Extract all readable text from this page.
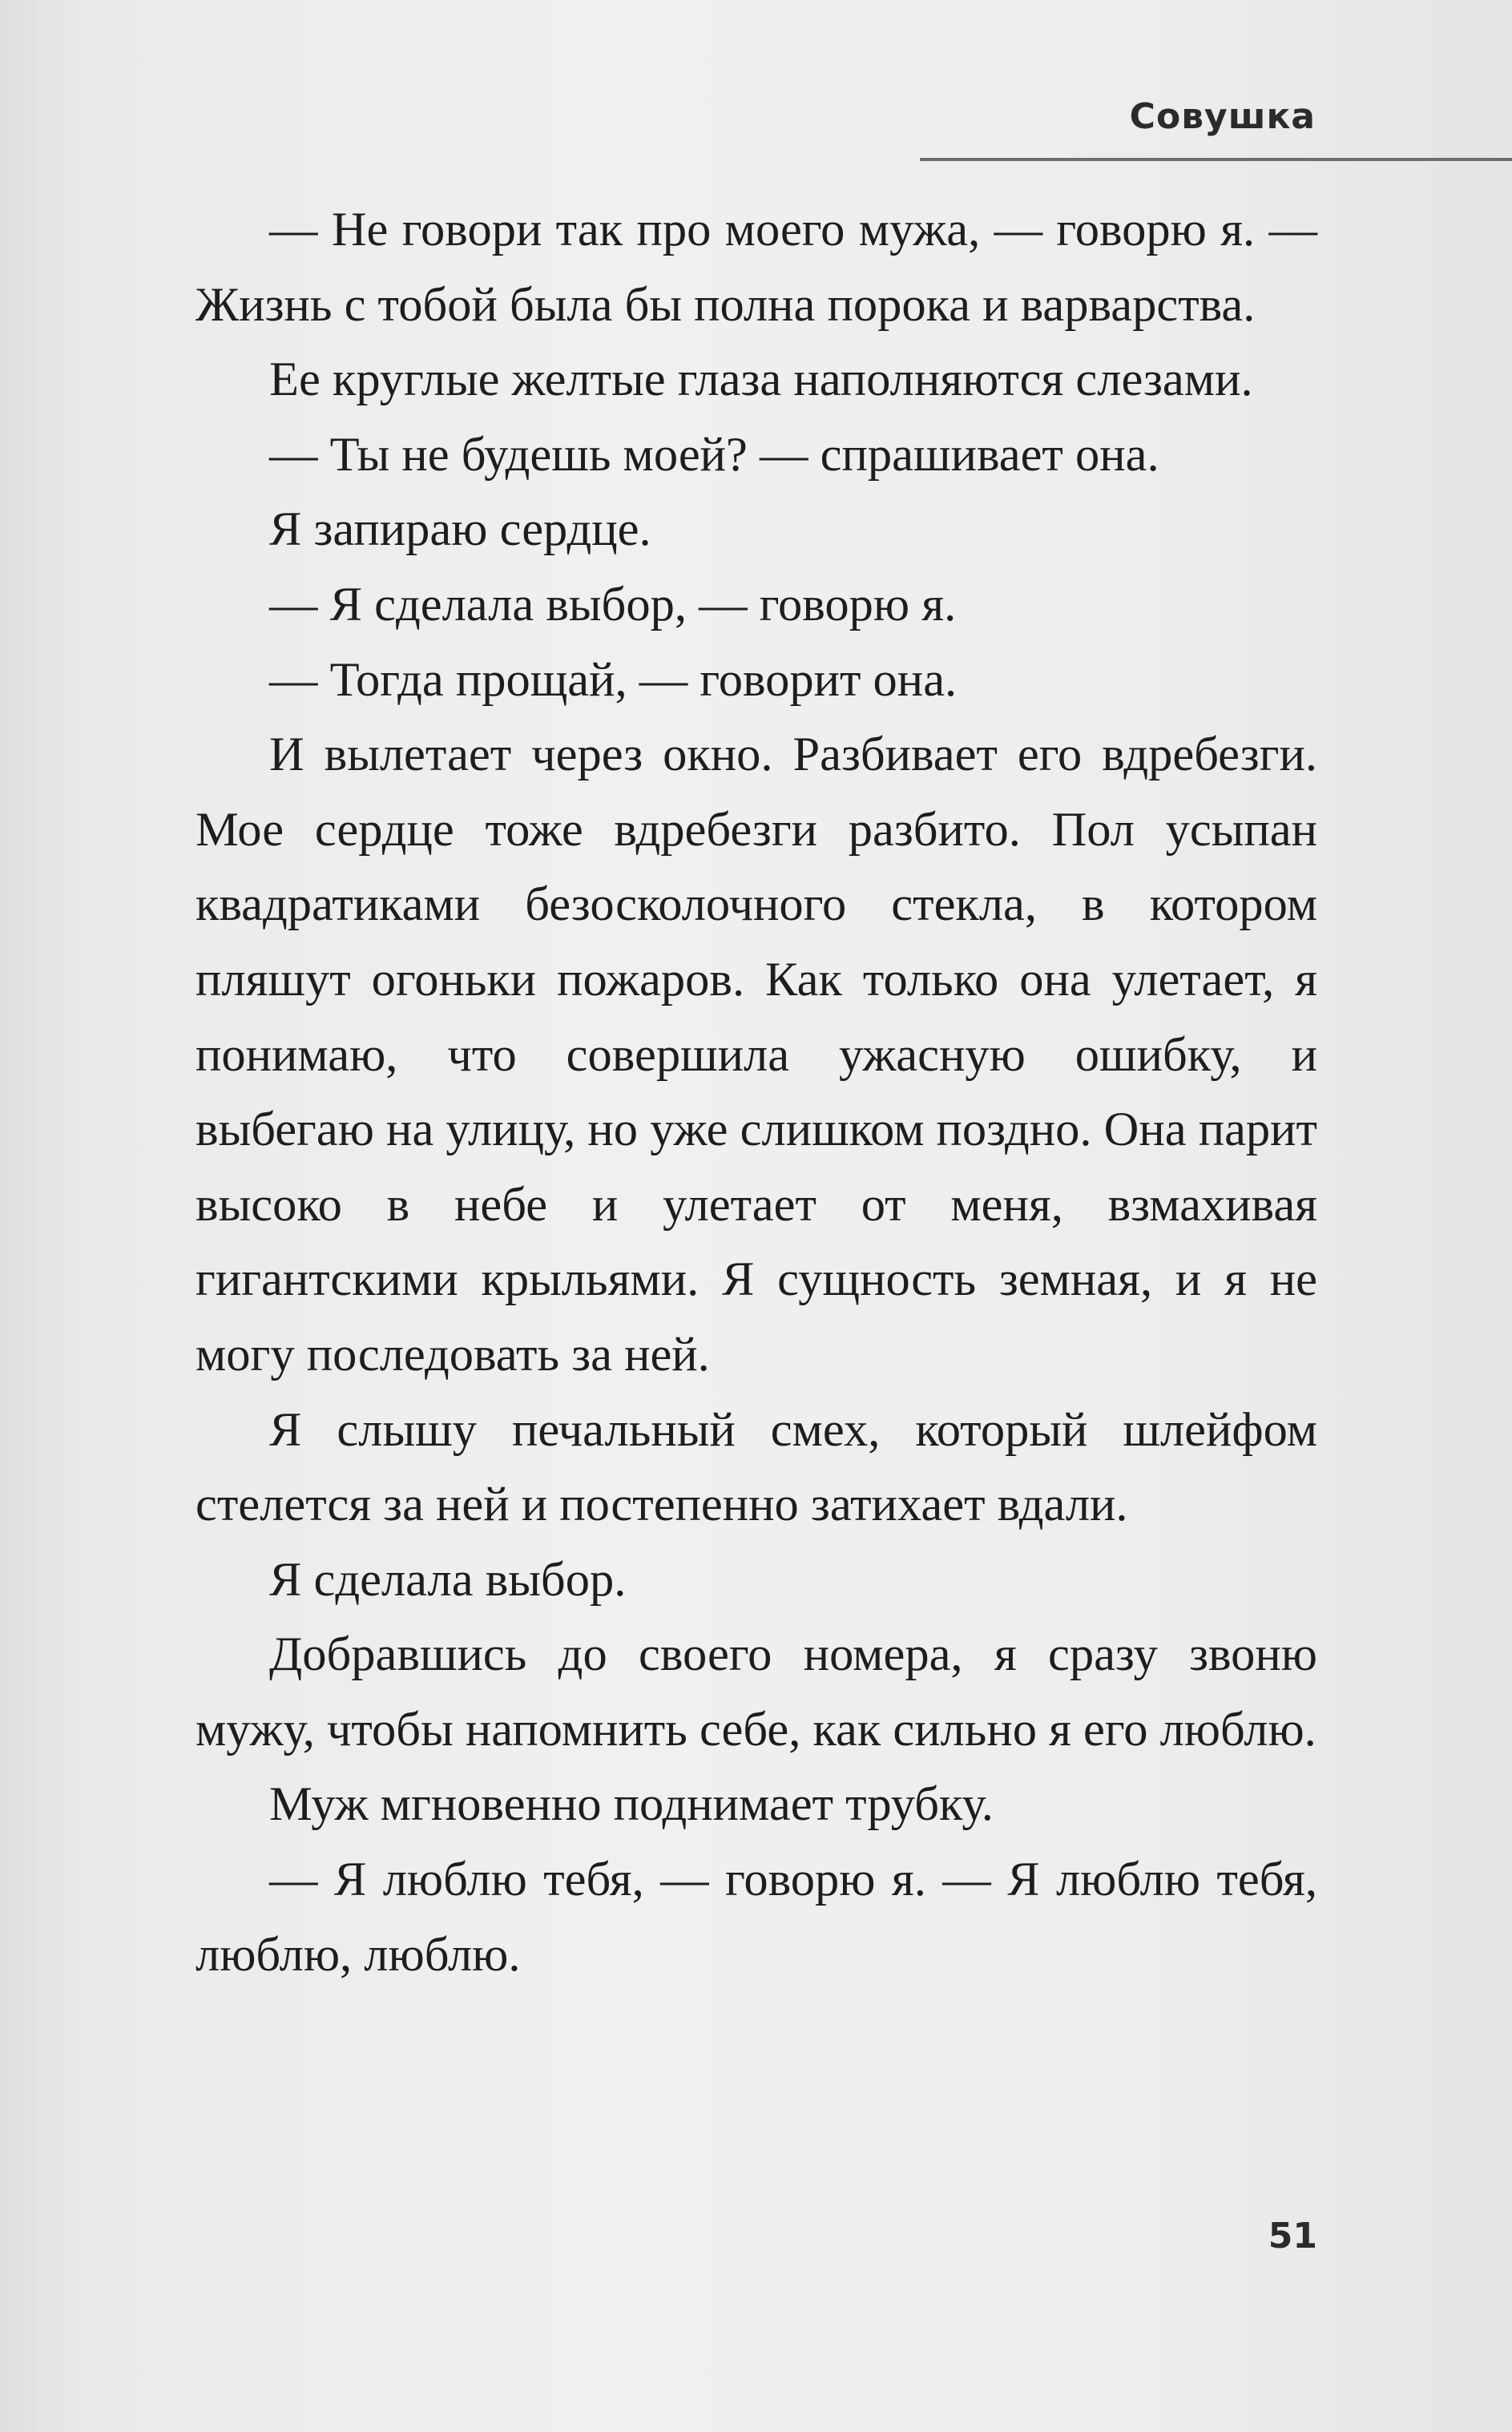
Совушка

— Не говори так про моего мужа, — говорю я. — Жизнь с тобой была бы полна порока и варварства.

Ее круглые желтые глаза наполняются слезами.

— Ты не будешь моей? — спрашивает она.

Я запираю сердце.

— Я сделала выбор, — говорю я.

— Тогда прощай, — говорит она.

И вылетает через окно. Разбивает его вдребезги. Мое сердце тоже вдребезги разбито. Пол усыпан квадратиками безосколочного стекла, в котором пляшут огоньки пожаров. Как только она улетает, я понимаю, что совершила ужасную ошибку, и выбегаю на улицу, но уже слишком поздно. Она парит высоко в небе и улетает от меня, взмахивая гигантскими крыльями. Я сущность земная, и я не могу последовать за ней.

Я слышу печальный смех, который шлейфом стелется за ней и постепенно затихает вдали.

Я сделала выбор.

Добравшись до своего номера, я сразу звоню мужу, чтобы напомнить себе, как сильно я его люблю.

Муж мгновенно поднимает трубку.

— Я люблю тебя, — говорю я. — Я люблю тебя, люблю, люблю.

51
